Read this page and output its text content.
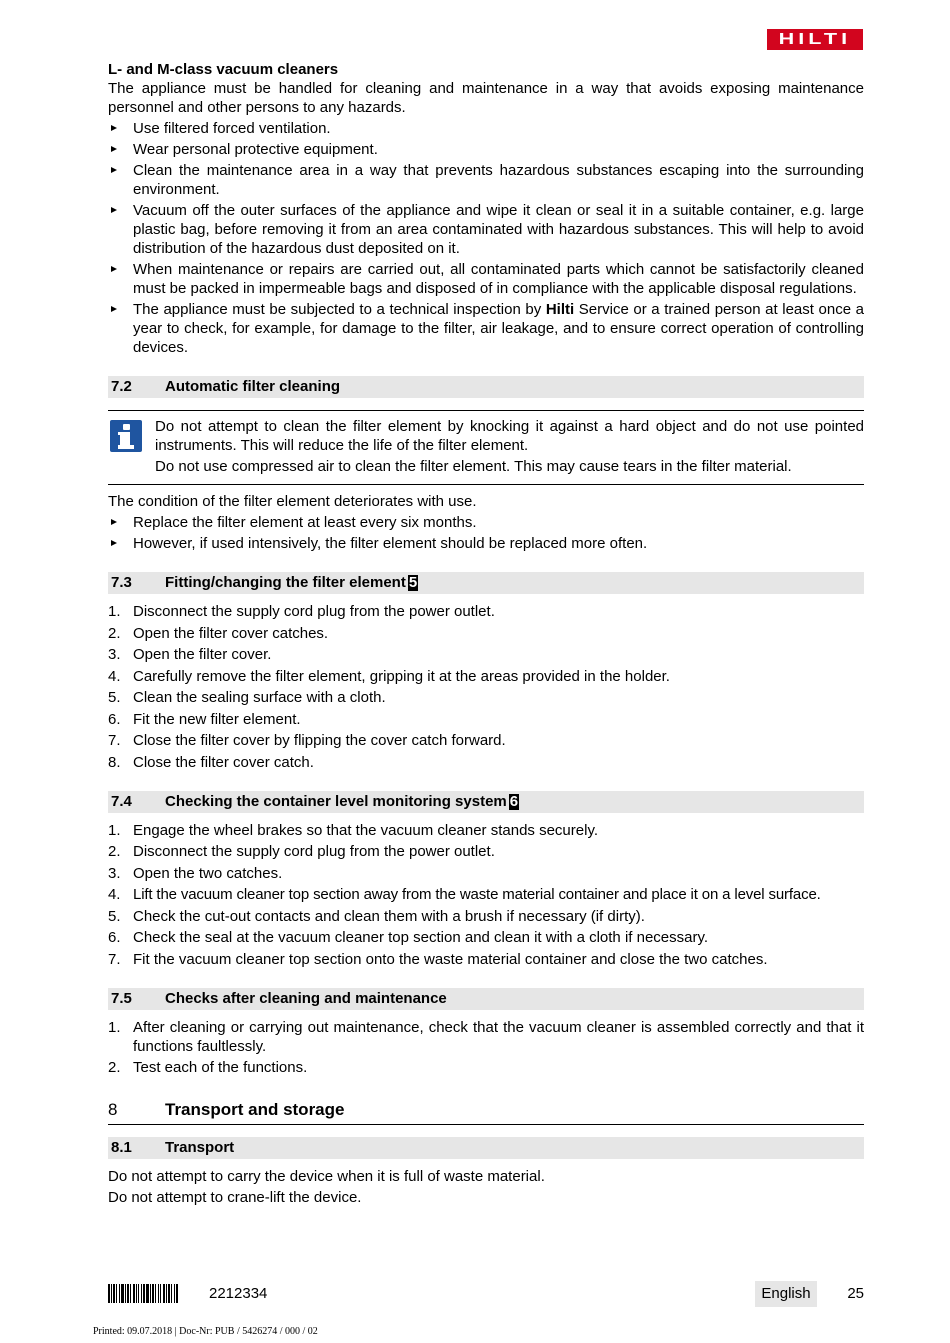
HILTI
L- and M-class vacuum cleaners

The appliance must be handled for cleaning and maintenance in a way that avoids exposing maintenance personnel and other persons to any hazards.

Use filtered forced ventilation.
Wear personal protective equipment.
Clean the maintenance area in a way that prevents hazardous substances escaping into the surrounding environment.
Vacuum off the outer surfaces of the appliance and wipe it clean or seal it in a suitable container, e.g. large plastic bag, before removing it from an area contaminated with hazardous substances. This will help to avoid distribution of the hazardous dust deposited on it.
When maintenance or repairs are carried out, all contaminated parts which cannot be satisfactorily cleaned must be packed in impermeable bags and disposed of in compliance with the applicable disposal regulations.
The appliance must be subjected to a technical inspection by Hilti Service or a trained person at least once a year to check, for example, for damage to the filter, air leakage, and to ensure correct operation of controlling devices.
7.2	Automatic filter cleaning

Do not attempt to clean the filter element by knocking it against a hard object and do not use pointed instruments. This will reduce the life of the filter element.

Do not use compressed air to clean the filter element. This may cause tears in the filter material.

The condition of the filter element deteriorates with use.

Replace the filter element at least every six months.
However, if used intensively, the filter element should be replaced more often.
7.3	Fitting/changing the filter element 5
1. Disconnect the supply cord plug from the power outlet.
2. Open the filter cover catches.
3. Open the filter cover.
4. Carefully remove the filter element, gripping it at the areas provided in the holder.
5. Clean the sealing surface with a cloth.
6. Fit the new filter element.
7. Close the filter cover by flipping the cover catch forward.
8. Close the filter cover catch.
7.4	Checking the container level monitoring system 6
1. Engage the wheel brakes so that the vacuum cleaner stands securely.
2. Disconnect the supply cord plug from the power outlet.
3. Open the two catches.
4. Lift the vacuum cleaner top section away from the waste material container and place it on a level surface.
5. Check the cut-out contacts and clean them with a brush if necessary (if dirty).
6. Check the seal at the vacuum cleaner top section and clean it with a cloth if necessary.
7. Fit the vacuum cleaner top section onto the waste material container and close the two catches.
7.5	Checks after cleaning and maintenance
1. After cleaning or carrying out maintenance, check that the vacuum cleaner is assembled correctly and that it functions faultlessly.
2. Test each of the functions.
8	Transport and storage
8.1	Transport

Do not attempt to carry the device when it is full of waste material.

Do not attempt to crane-lift the device.

2212334	English	25
Printed: 09.07.2018 | Doc-Nr: PUB / 5426274 / 000 / 02
